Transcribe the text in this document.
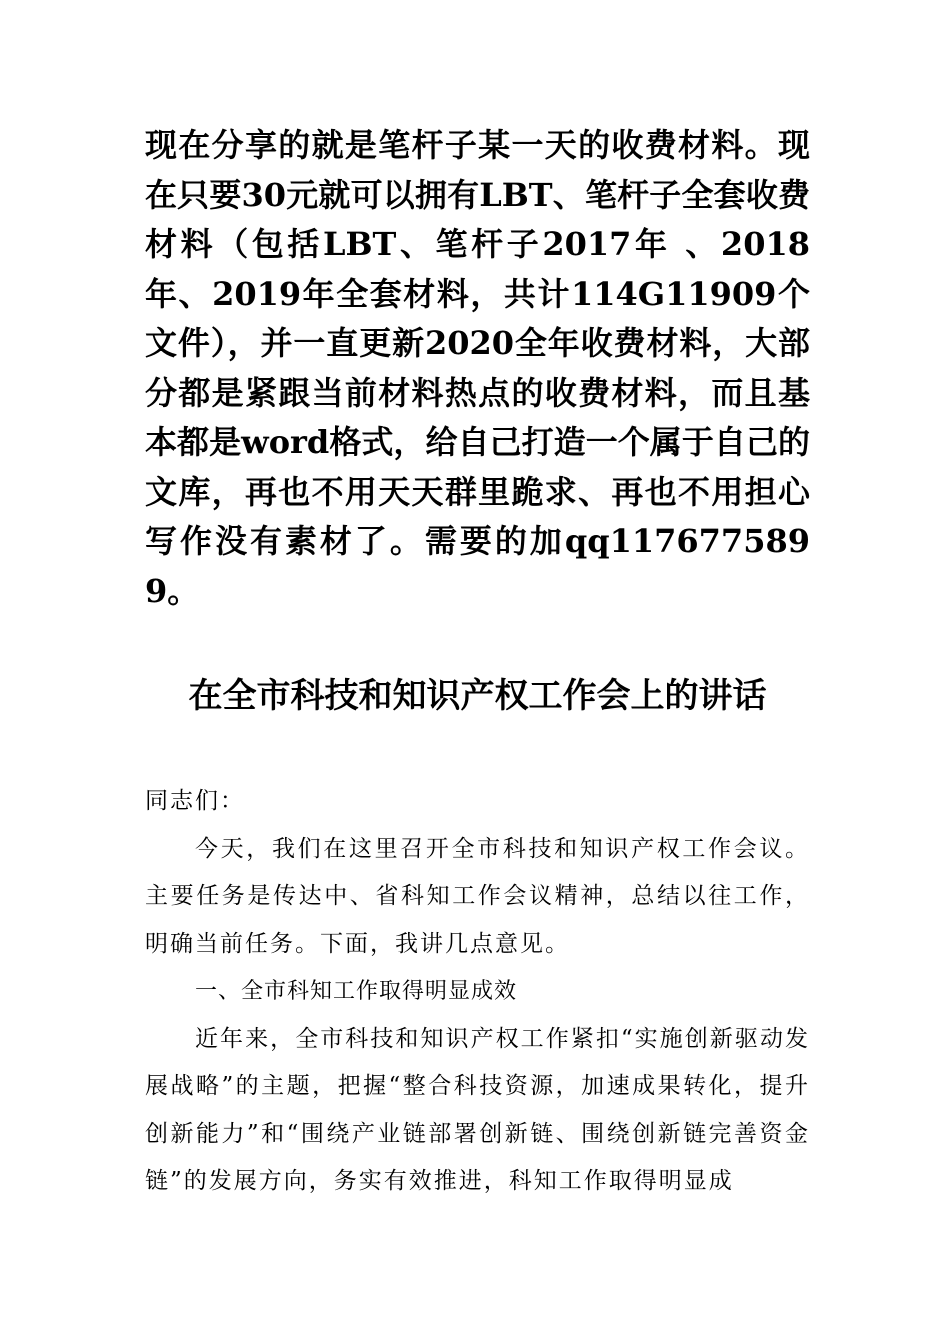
现在分享的就是笔杆子某一天的收费材料。现在只要30元就可以拥有LBT、笔杆子全套收费材料（包括LBT、笔杆子2017年 、2018年、2019年全套材料，共计114G11909个文件），并一直更新2020全年收费材料，大部分都是紧跟当前材料热点的收费材料，而且基本都是word格式，给自己打造一个属于自己的文库，再也不用天天群里跪求、再也不用担心写作没有素材了。需要的加qq1176775899。
在全市科技和知识产权工作会上的讲话

同志们：

今天，我们在这里召开全市科技和知识产权工作会议。主要任务是传达中、省科知工作会议精神，总结以往工作，明确当前任务。下面，我讲几点意见。

一、全市科知工作取得明显成效

近年来，全市科技和知识产权工作紧扣“实施创新驱动发展战略”的主题，把握“整合科技资源，加速成果转化，提升创新能力”和“围绕产业链部署创新链、围绕创新链完善资金链”的发展方向，务实有效推进，科知工作取得明显成
